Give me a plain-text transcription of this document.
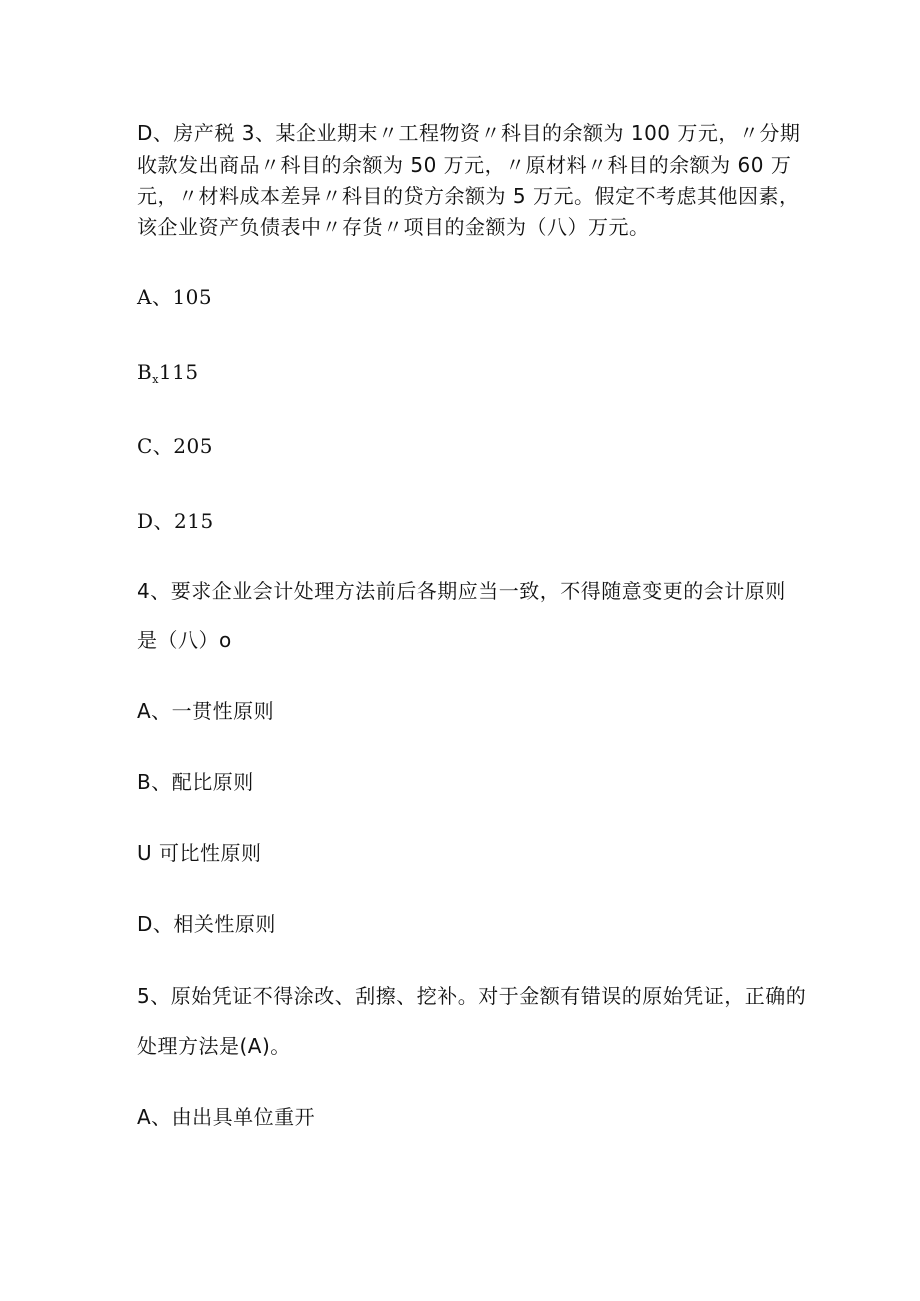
D、房产税 3、某企业期末〃工程物资〃科目的余额为 100 万元，〃分期
收款发出商品〃科目的余额为 50 万元，〃原材料〃科目的余额为 60 万
元，〃材料成本差异〃科目的贷方余额为 5 万元。假定不考虑其他因素，
该企业资产负债表中〃存货〃项目的金额为（八）万元。
A、105
$B_x115$
C、205
D、215
4、要求企业会计处理方法前后各期应当一致，不得随意变更的会计原则
是（八）o
A、一贯性原则
B、配比原则
U 可比性原则
D、相关性原则
5、原始凭证不得涂改、刮擦、挖补。对于金额有错误的原始凭证，正确的
处理方法是(A)。
A、由出具单位重开
